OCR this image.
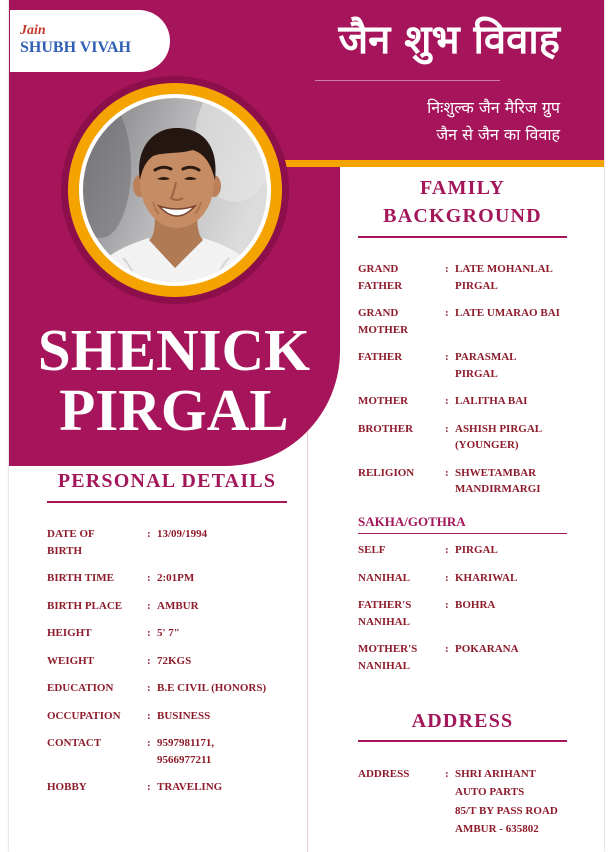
Jain
SHUBH VIVAH	जैन शुभ विवाह
निःशुल्क जैन मैरिज ग्रुप
जैन से जैन का विवाह
SHENICK
PIRGAL
PERSONAL DETAILS
DATE OF
BIRTH
: 13/09/1994
BIRTH TIME	: 2:01PM
BIRTH PLACE	: AMBUR
HEIGHT	: 5' 7"
WEIGHT	: 72KGS
EDUCATION	: B.E CIVIL (HONORS)
OCCUPATION	: BUSINESS
CONTACT	: 9597981171,
9566977211
HOBBY	: TRAVELING
FAMILY
BACKGROUND
GRAND
FATHER
: LATE MOHANLAL
PIRGAL
GRAND
MOTHER
: LATE UMARAO BAI
FATHER	: PARASMAL
PIRGAL
MOTHER	: LALITHA BAI
BROTHER	: ASHISH PIRGAL
(YOUNGER)
RELIGION	: SHWETAMBAR
MANDIRMARGI
SAKHA/GOTHRA
SELF	: PIRGAL
NANIHAL	: KHARIWAL
FATHER'S
NANIHAL
: BOHRA
MOTHER'S
NANIHAL
: POKARANA
ADDRESS
ADDRESS	: SHRI ARIHANT
AUTO PARTS
85/T BY PASS ROAD
AMBUR - 635802
